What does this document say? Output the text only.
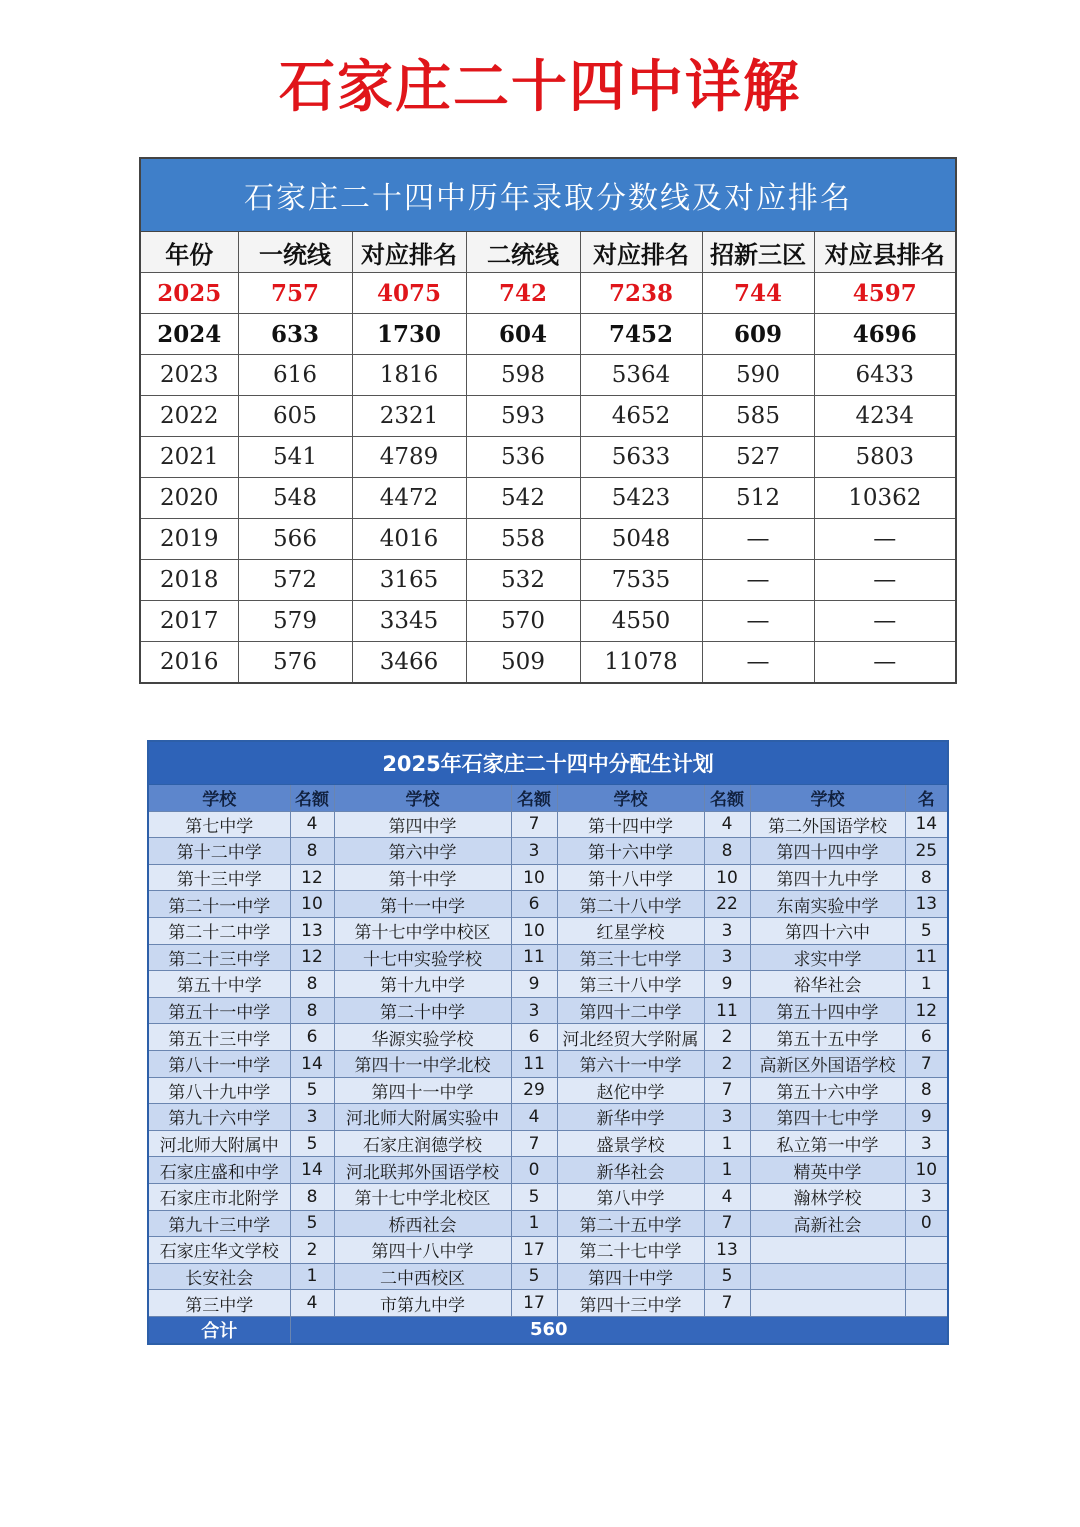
石家庄二十四中详解
石家庄二十四中历年录取分数线及对应排名						
年份	一统线	对应排名	二统线	对应排名	招新三区	对应县排名
2025	757	4075	742	7238	744	4597
2024	633	1730	604	7452	609	4696
2023	616	1816	598	5364	590	6433
2022	605	2321	593	4652	585	4234
2021	541	4789	536	5633	527	5803
2020	548	4472	542	5423	512	10362
2019	566	4016	558	5048	—	—
2018	572	3165	532	7535	—	—
2017	579	3345	570	4550	—	—
2016	576	3466	509	11078	—	—
2025年石家庄二十四中分配生计划							
学校	名额	学校	名额	学校	名额	学校	名
第七中学	4	第四中学	7	第十四中学	4	第二外国语学校	14
第十二中学	8	第六中学	3	第十六中学	8	第四十四中学	25
第十三中学	12	第十中学	10	第十八中学	10	第四十九中学	8
第二十一中学	10	第十一中学	6	第二十八中学	22	东南实验中学	13
第二十二中学	13	第十七中学中校区	10	红星学校	3	第四十六中	5
第二十三中学	12	十七中实验学校	11	第三十七中学	3	求实中学	11
第五十中学	8	第十九中学	9	第三十八中学	9	裕华社会	1
第五十一中学	8	第二十中学	3	第四十二中学	11	第五十四中学	12
第五十三中学	6	华源实验学校	6	河北经贸大学附属	2	第五十五中学	6
第八十一中学	14	第四十一中学北校	11	第六十一中学	2	高新区外国语学校	7
第八十九中学	5	第四十一中学	29	赵佗中学	7	第五十六中学	8
第九十六中学	3	河北师大附属实验中	4	新华中学	3	第四十七中学	9
河北师大附属中	5	石家庄润德学校	7	盛景学校	1	私立第一中学	3
石家庄盛和中学	14	河北联邦外国语学校	0	新华社会	1	精英中学	10
石家庄市北附学	8	第十七中学北校区	5	第八中学	4	瀚林学校	3
第九十三中学	5	桥西社会	1	第二十五中学	7	高新社会	0
石家庄华文学校	2	第四十八中学	17	第二十七中学	13		
长安社会	1	二中西校区	5	第四十中学	5		
第三中学	4	市第九中学	17	第四十三中学	7		
合计	560						
